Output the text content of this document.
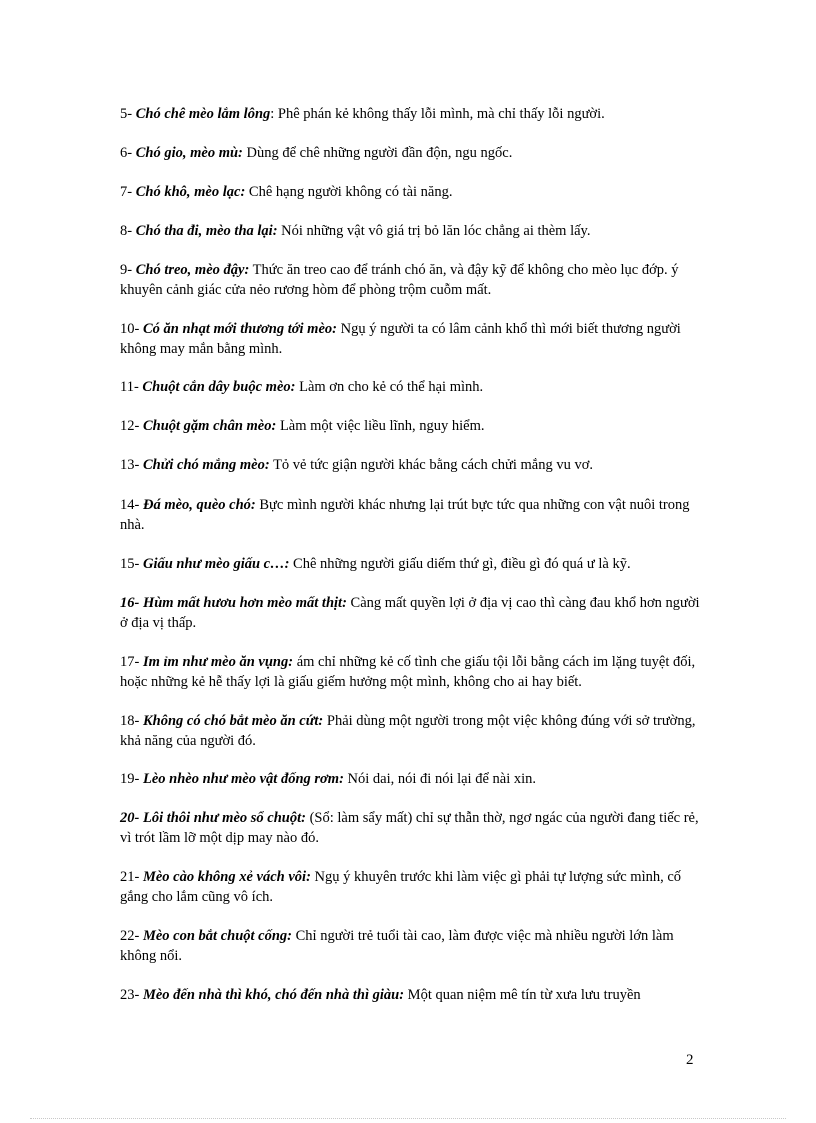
5- Chó chê mèo lắm lông: Phê phán kẻ không thấy lỗi mình, mà chỉ thấy lỗi người.

6- Chó gio, mèo mù: Dùng để chê những người đần độn, ngu ngốc.

7- Chó khô, mèo lạc: Chê hạng người không có tài năng.

8- Chó tha đi, mèo tha lại: Nói những vật vô giá trị bỏ lăn lóc chẳng ai thèm lấy.

9- Chó treo, mèo đậy: Thức ăn treo cao để tránh chó ăn, và đậy kỹ để không cho mèo lục đớp. ý khuyên cảnh giác cửa nẻo rương hòm để phòng trộm cuỗm mất.

10- Có ăn nhạt mới thương tới mèo: Ngụ ý người ta có lâm cảnh khổ thì mới biết thương người không may mắn bằng mình.

11- Chuột cắn dây buộc mèo: Làm ơn cho kẻ có thể hại mình.

12- Chuột gặm chân mèo: Làm một việc liều lĩnh, nguy hiểm.

13- Chửi chó mắng mèo: Tỏ vẻ tức giận người khác bằng cách chửi mắng vu vơ.

14- Đá mèo, quèo chó: Bực mình người khác nhưng lại trút bực tức qua những con vật nuôi trong nhà.

15- Giấu như mèo giấu c…: Chê những người giấu diếm thứ gì, điều gì đó quá ư là kỹ.

16- Hùm mất hươu hơn mèo mất thịt: Càng mất quyền lợi ở địa vị cao thì càng đau khổ hơn người ở địa vị thấp.

17- Im ỉm như mèo ăn vụng: ám chỉ những kẻ cố tình che giấu tội lỗi bằng cách im lặng tuyệt đối, hoặc những kẻ hễ thấy lợi là giấu giếm hưởng một mình, không cho ai hay biết.

18- Không có chó bắt mèo ăn cứt: Phải dùng một người trong một việc không đúng với sở trường, khả năng của người đó.

19- Lèo nhèo như mèo vật đống rơm: Nói dai, nói đi nói lại để nài xin.

20- Lôi thôi như mèo sổ chuột: (Sổ: làm sẩy mất) chỉ sự thẫn thờ, ngơ ngác của người đang tiếc rẻ, vì trót lầm lỡ một dịp may nào đó.

21- Mèo cào không xẻ vách vôi: Ngụ ý khuyên trước khi làm việc gì phải tự lượng sức mình, cố gắng cho lắm cũng vô ích.

22- Mèo con bắt chuột cống: Chỉ người trẻ tuổi tài cao, làm được việc mà nhiều người lớn làm không nổi.

23- Mèo đến nhà thì khó, chó đến nhà thì giàu: Một quan niệm mê tín từ xưa lưu truyền

2
